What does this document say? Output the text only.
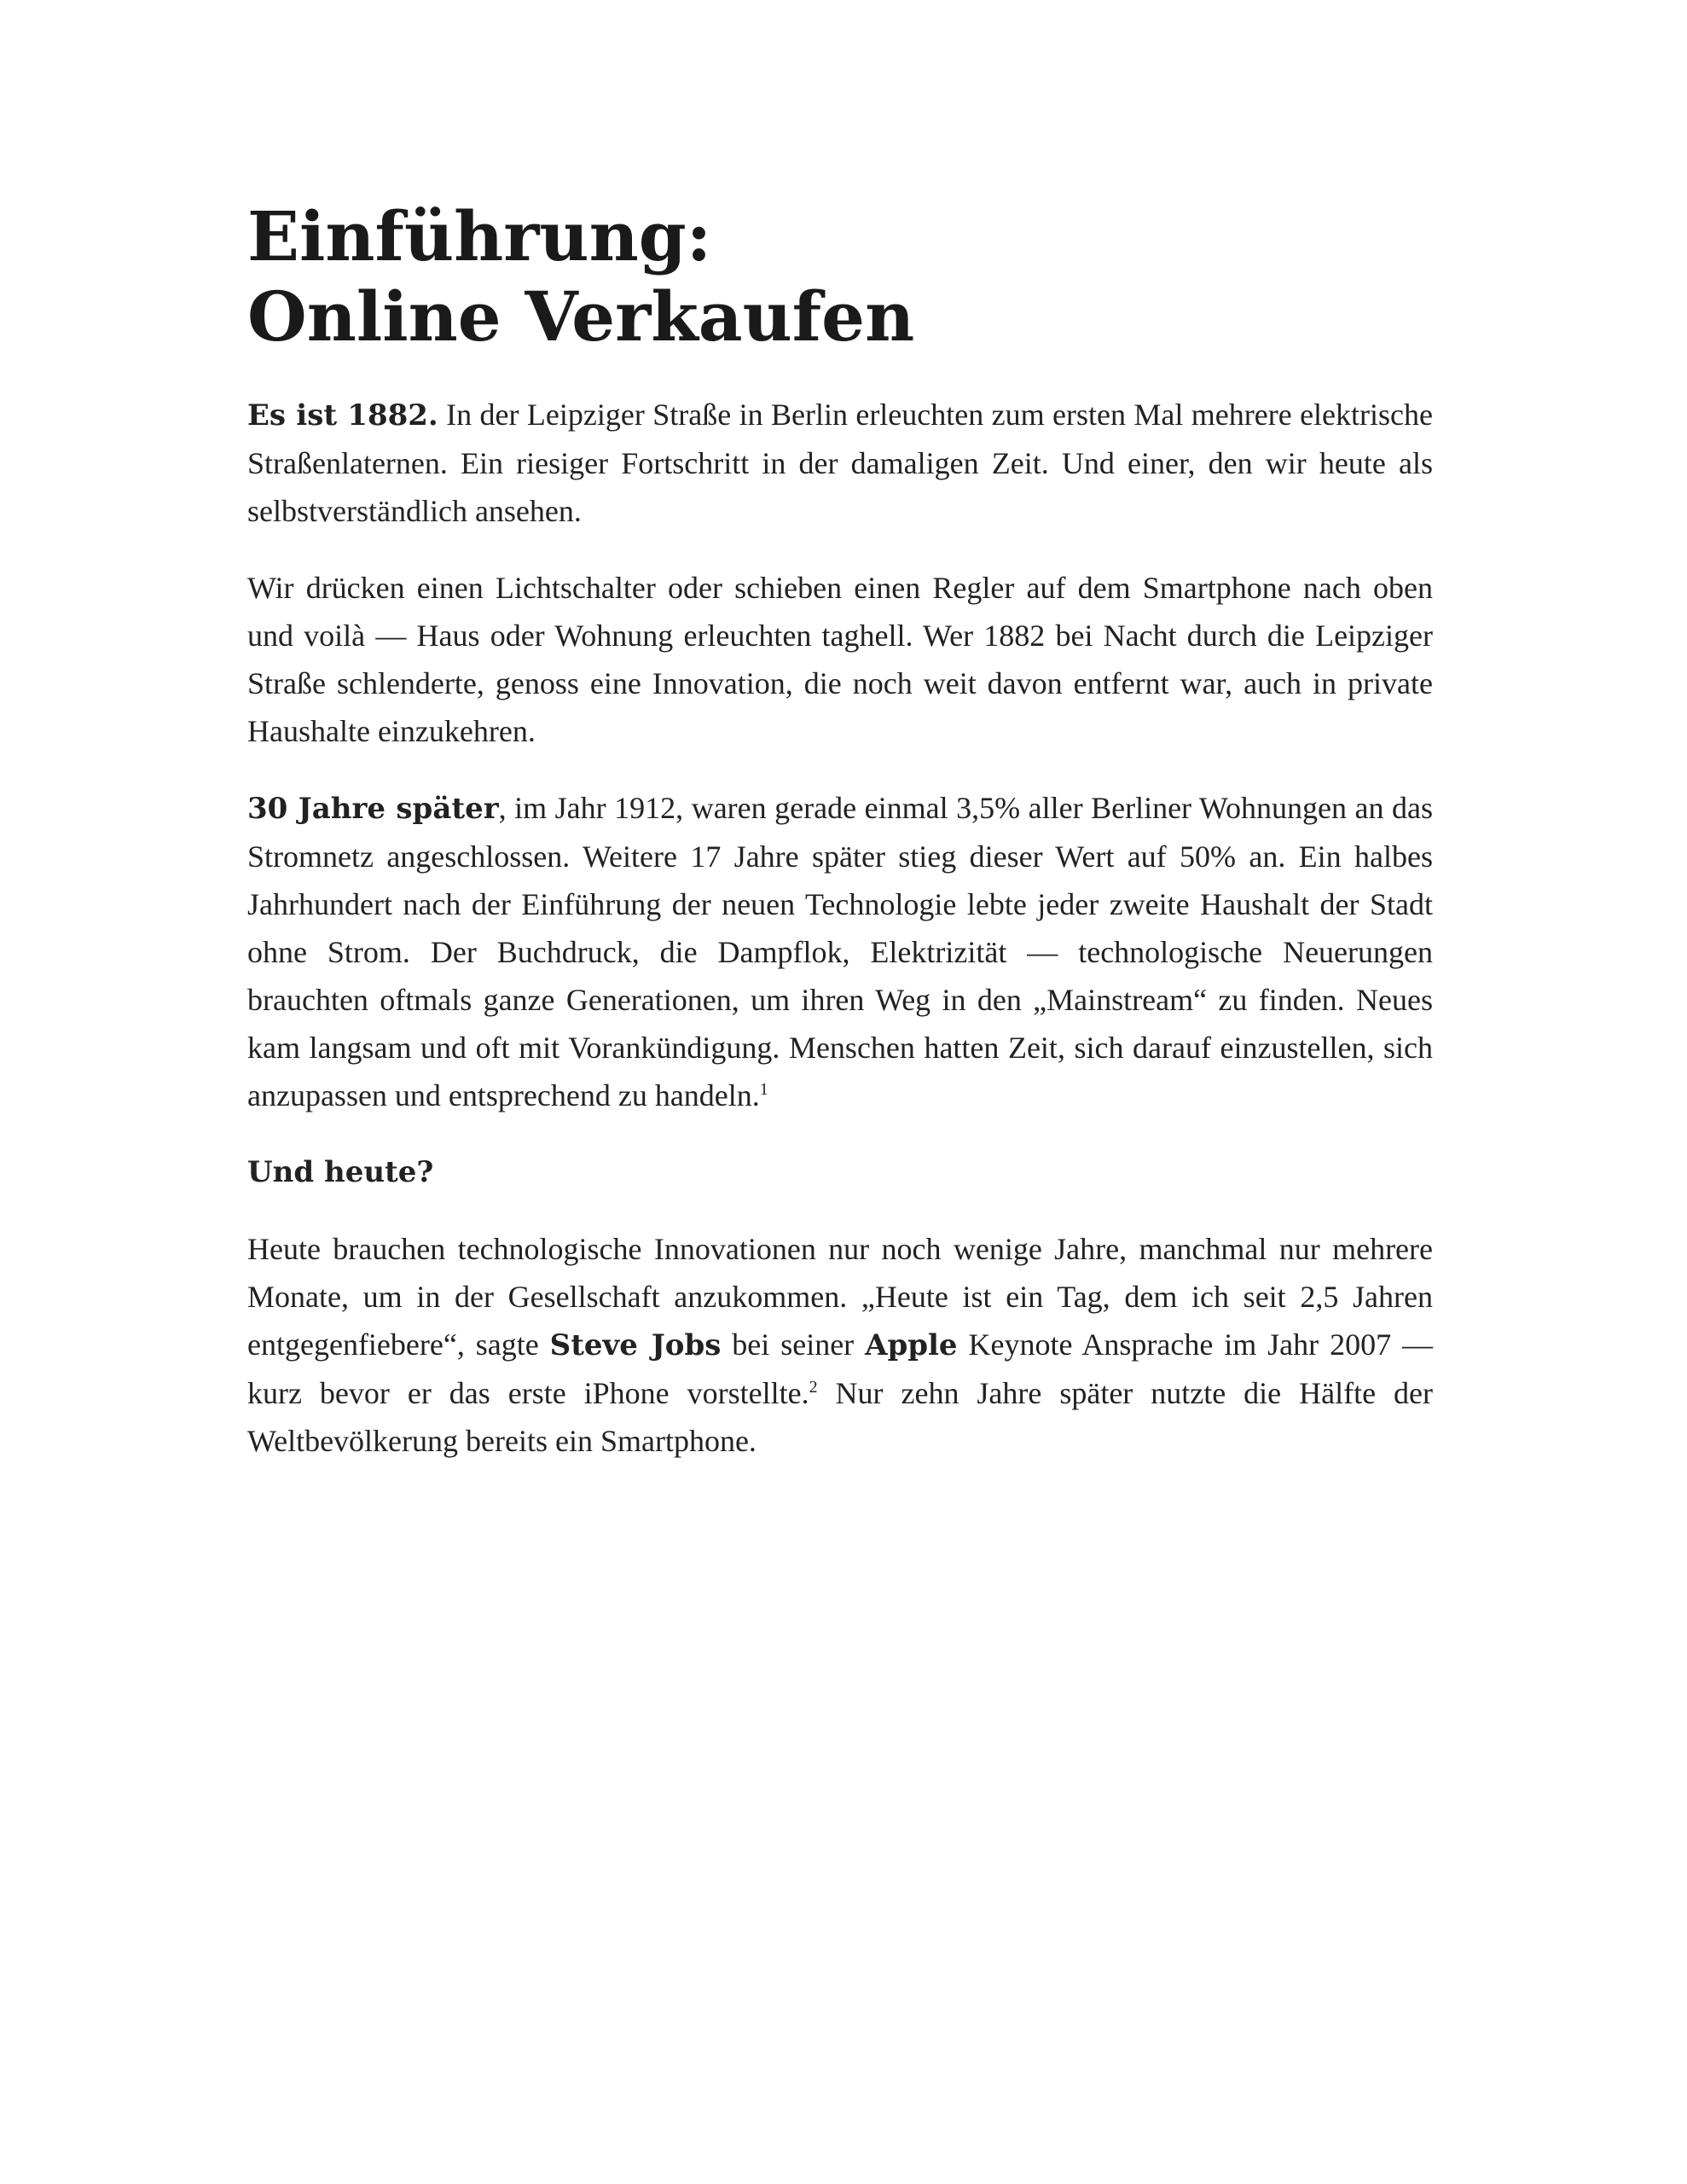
Einführung:
Online Verkaufen

Es ist 1882. In der Leipziger Straße in Berlin erleuchten zum ersten Mal mehrere elektrische Straßenlaternen. Ein riesiger Fortschritt in der damaligen Zeit. Und einer, den wir heute als selbstverständlich ansehen.

Wir drücken einen Lichtschalter oder schieben einen Regler auf dem Smartphone nach oben und voilà — Haus oder Wohnung erleuchten taghell. Wer 1882 bei Nacht durch die Leipziger Straße schlenderte, genoss eine Innovation, die noch weit davon entfernt war, auch in private Haushalte einzukehren.

30 Jahre später, im Jahr 1912, waren gerade einmal 3,5% aller Berliner Wohnungen an das Stromnetz angeschlossen. Weitere 17 Jahre später stieg dieser Wert auf 50% an. Ein halbes Jahrhundert nach der Einführung der neuen Technologie lebte jeder zweite Haushalt der Stadt ohne Strom. Der Buchdruck, die Dampflok, Elektrizität — technologische Neuerungen brauchten oftmals ganze Generationen, um ihren Weg in den „Mainstream“ zu finden. Neues kam langsam und oft mit Vorankündigung. Menschen hatten Zeit, sich darauf einzustellen, sich anzupassen und entsprechend zu handeln.$^1$

Und heute?

Heute brauchen technologische Innovationen nur noch wenige Jahre, manchmal nur mehrere Monate, um in der Gesellschaft anzukommen. „Heute ist ein Tag, dem ich seit 2,5 Jahren entgegenfiebere“, sagte Steve Jobs bei seiner Apple Keynote Ansprache im Jahr 2007 — kurz bevor er das erste iPhone vorstellte.$^2$ Nur zehn Jahre später nutzte die Hälfte der Weltbevölkerung bereits ein Smartphone.
